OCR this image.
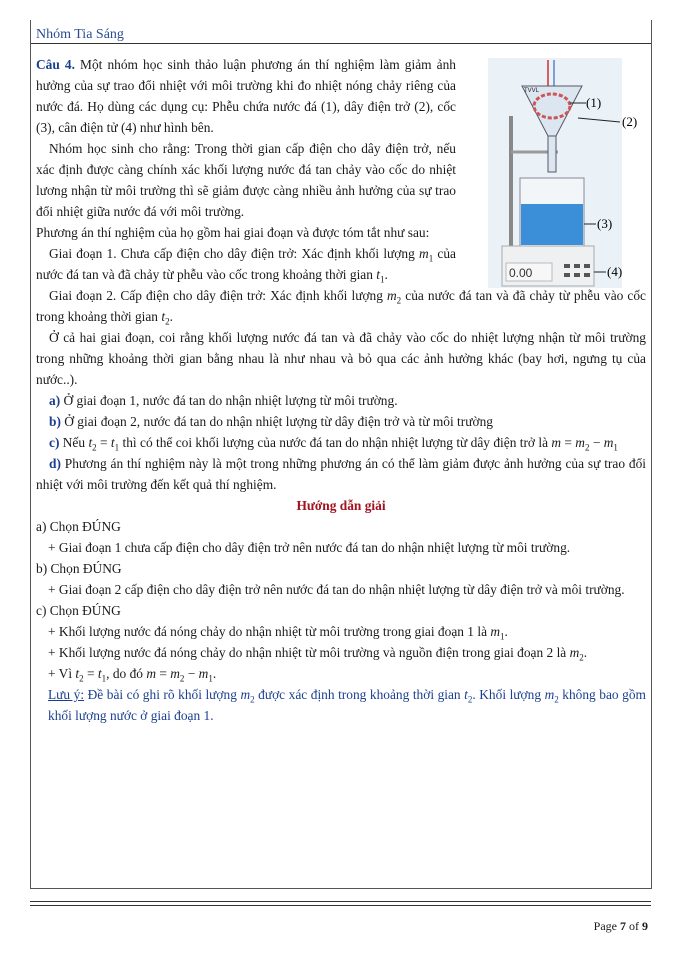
Nhóm Tia Sáng
TVVL
0.00
(1)
(2)
(3)
(4)

Câu 4. Một nhóm học sinh thảo luận phương án thí nghiệm làm giảm ảnh hưởng của sự trao đổi nhiệt với môi trường khi đo nhiệt nóng chảy riêng của nước đá. Họ dùng các dụng cụ: Phễu chứa nước đá (1), dây điện trở (2), cốc (3), cân điện tử (4) như hình bên.

Nhóm học sinh cho rằng: Trong thời gian cấp điện cho dây điện trở, nếu xác định được càng chính xác khối lượng nước đá tan chảy vào cốc do nhiệt lương nhận từ môi trường thì sẽ giảm được càng nhiều ảnh hưởng của sự trao đổi nhiệt giữa nước đá với môi trường.

Phương án thí nghiệm của họ gồm hai giai đoạn và được tóm tắt như sau:

Giai đoạn 1. Chưa cấp điện cho dây điện trở: Xác định khối lượng $m_1$ của nước đá tan và đã chảy từ phễu vào cốc trong khoảng thời gian $t_1$.

Giai đoạn 2. Cấp điện cho dây điện trở: Xác định khối lượng $m_2$ của nước đá tan và đã chảy từ phễu vào cốc trong khoảng thời gian $t_2$.

Ở cả hai giai đoạn, coi rằng khối lượng nước đá tan và đã chảy vào cốc do nhiệt lượng nhận từ môi trường trong những khoảng thời gian bằng nhau là như nhau và bỏ qua các ảnh hưởng khác (bay hơi, ngưng tụ của nước..).

a) Ở giai đoạn 1, nước đá tan do nhận nhiệt lượng từ môi trường.

b) Ở giai đoạn 2, nước đá tan do nhận nhiệt lượng từ dây điện trở và từ môi trường

c) Nếu $t_2 = t_1$ thì có thể coi khối lượng của nước đá tan do nhận nhiệt lượng từ dây điện trở là $m = m_2 - m_1$

d) Phương án thí nghiệm này là một trong những phương án có thể làm giảm được ảnh hưởng của sự trao đổi nhiệt với môi trường đến kết quả thí nghiệm.

Hướng dẫn giải

a) Chọn ĐÚNG

+ Giai đoạn 1 chưa cấp điện cho dây điện trở nên nước đá tan do nhận nhiệt lượng từ môi trường.

b) Chọn ĐÚNG

+ Giai đoạn 2 cấp điện cho dây điện trở nên nước đá tan do nhận nhiệt lượng từ dây điện trở và môi trường.

c) Chọn ĐÚNG

+ Khối lượng nước đá nóng chảy do nhận nhiệt từ môi trường trong giai đoạn 1 là $m_1$.

+ Khối lượng nước đá nóng chảy do nhận nhiệt từ môi trường và nguồn điện trong giai đoạn 2 là $m_2$.

+ Vì $t_2 = t_1$, do đó $m = m_2 - m_1$.

Lưu ý: Đề bài có ghi rõ khối lượng $m_2$ được xác định trong khoảng thời gian $t_2$. Khối lượng $m_2$ không bao gồm khối lượng nước ở giai đoạn 1.

Page 7 of 9
